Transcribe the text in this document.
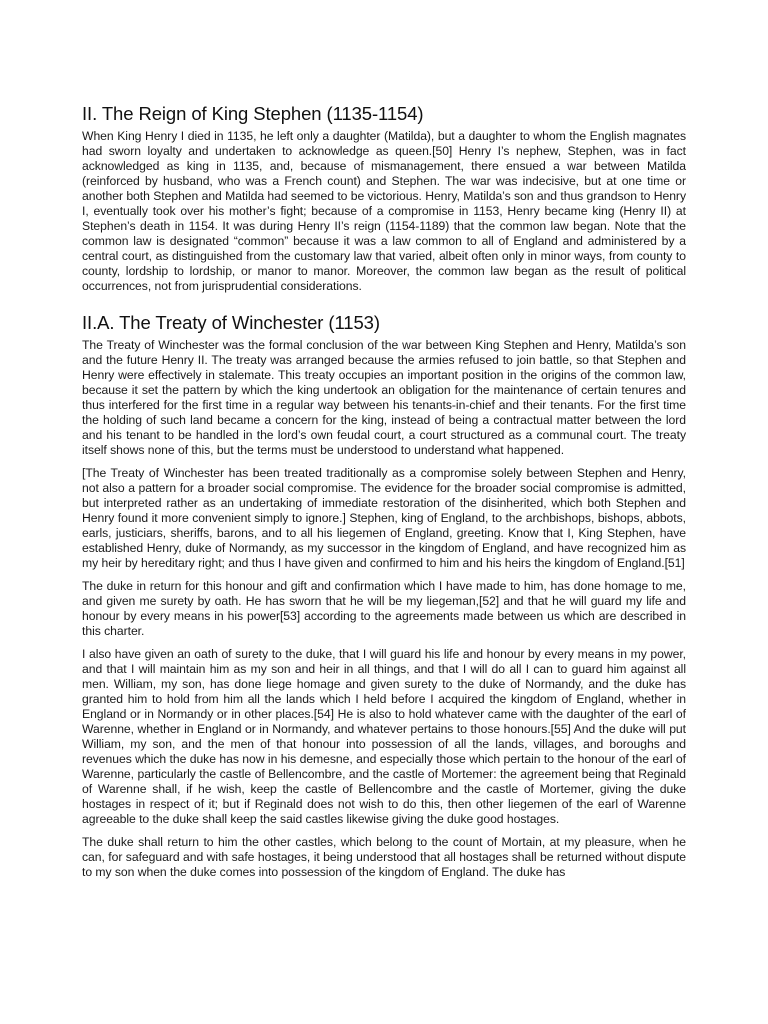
II. The Reign of King Stephen (1135-1154)

When King Henry I died in 1135, he left only a daughter (Matilda), but a daughter to whom the English magnates had sworn loyalty and undertaken to acknowledge as queen.[50] Henry I’s nephew, Stephen, was in fact acknowledged as king in 1135, and, because of mismanagement, there ensued a war between Matilda (reinforced by husband, who was a French count) and Stephen. The war was indecisive, but at one time or another both Stephen and Matilda had seemed to be victorious. Henry, Matilda’s son and thus grandson to Henry I, eventually took over his mother’s fight; because of a compromise in 1153, Henry became king (Henry II) at Stephen’s death in 1154. It was during Henry II’s reign (1154-1189) that the common law began. Note that the common law is designated “common” because it was a law common to all of England and administered by a central court, as distinguished from the customary law that varied, albeit often only in minor ways, from county to county, lordship to lordship, or manor to manor. Moreover, the common law began as the result of political occurrences, not from jurisprudential considerations.

II.A. The Treaty of Winchester (1153)

The Treaty of Winchester was the formal conclusion of the war between King Stephen and Henry, Matilda’s son and the future Henry II. The treaty was arranged because the armies refused to join battle, so that Stephen and Henry were effectively in stalemate. This treaty occupies an important position in the origins of the common law, because it set the pattern by which the king undertook an obligation for the maintenance of certain tenures and thus interfered for the first time in a regular way between his tenants-in-chief and their tenants. For the first time the holding of such land became a concern for the king, instead of being a contractual matter between the lord and his tenant to be handled in the lord’s own feudal court, a court structured as a communal court. The treaty itself shows none of this, but the terms must be understood to understand what happened.

[The Treaty of Winchester has been treated traditionally as a compromise solely between Stephen and Henry, not also a pattern for a broader social compromise. The evidence for the broader social compromise is admitted, but interpreted rather as an undertaking of immediate restoration of the disinherited, which both Stephen and Henry found it more convenient simply to ignore.] Stephen, king of England, to the archbishops, bishops, abbots, earls, justiciars, sheriffs, barons, and to all his liegemen of England, greeting. Know that I, King Stephen, have established Henry, duke of Normandy, as my successor in the kingdom of England, and have recognized him as my heir by hereditary right; and thus I have given and confirmed to him and his heirs the kingdom of England.[51]

The duke in return for this honour and gift and confirmation which I have made to him, has done homage to me, and given me surety by oath. He has sworn that he will be my liegeman,[52] and that he will guard my life and honour by every means in his power[53] according to the agreements made between us which are described in this charter.

I also have given an oath of surety to the duke, that I will guard his life and honour by every means in my power, and that I will maintain him as my son and heir in all things, and that I will do all I can to guard him against all men. William, my son, has done liege homage and given surety to the duke of Normandy, and the duke has granted him to hold from him all the lands which I held before I acquired the kingdom of England, whether in England or in Normandy or in other places.[54] He is also to hold whatever came with the daughter of the earl of Warenne, whether in England or in Normandy, and whatever pertains to those honours.[55] And the duke will put William, my son, and the men of that honour into possession of all the lands, villages, and boroughs and revenues which the duke has now in his demesne, and especially those which pertain to the honour of the earl of Warenne, particularly the castle of Bellencombre, and the castle of Mortemer: the agreement being that Reginald of Warenne shall, if he wish, keep the castle of Bellencombre and the castle of Mortemer, giving the duke hostages in respect of it; but if Reginald does not wish to do this, then other liegemen of the earl of Warenne agreeable to the duke shall keep the said castles likewise giving the duke good hostages.

The duke shall return to him the other castles, which belong to the count of Mortain, at my pleasure, when he can, for safeguard and with safe hostages, it being understood that all hostages shall be returned without dispute to my son when the duke comes into possession of the kingdom of England. The duke has
